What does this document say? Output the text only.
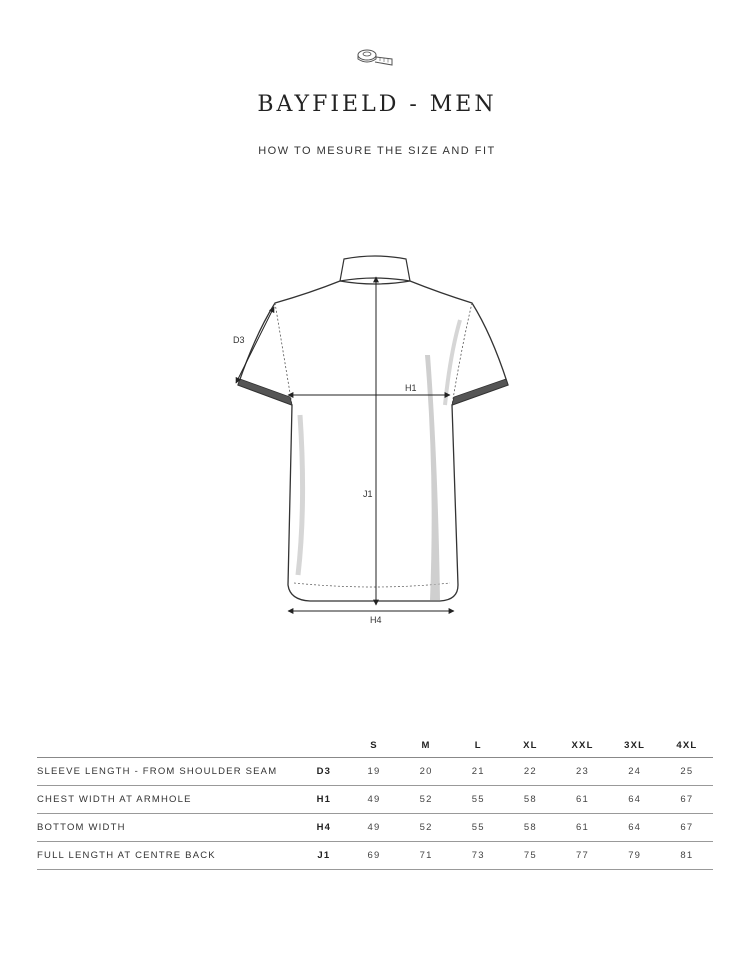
BAYFIELD - MEN
HOW TO MESURE THE SIZE AND FIT
D3
H1
J1
H4
		S	M	L	XL	XXL	3XL	4XL
SLEEVE LENGTH - FROM SHOULDER SEAM	D3	19	20	21	22	23	24	25
CHEST WIDTH AT ARMHOLE	H1	49	52	55	58	61	64	67
BOTTOM WIDTH	H4	49	52	55	58	61	64	67
FULL LENGTH AT CENTRE BACK	J1	69	71	73	75	77	79	81
